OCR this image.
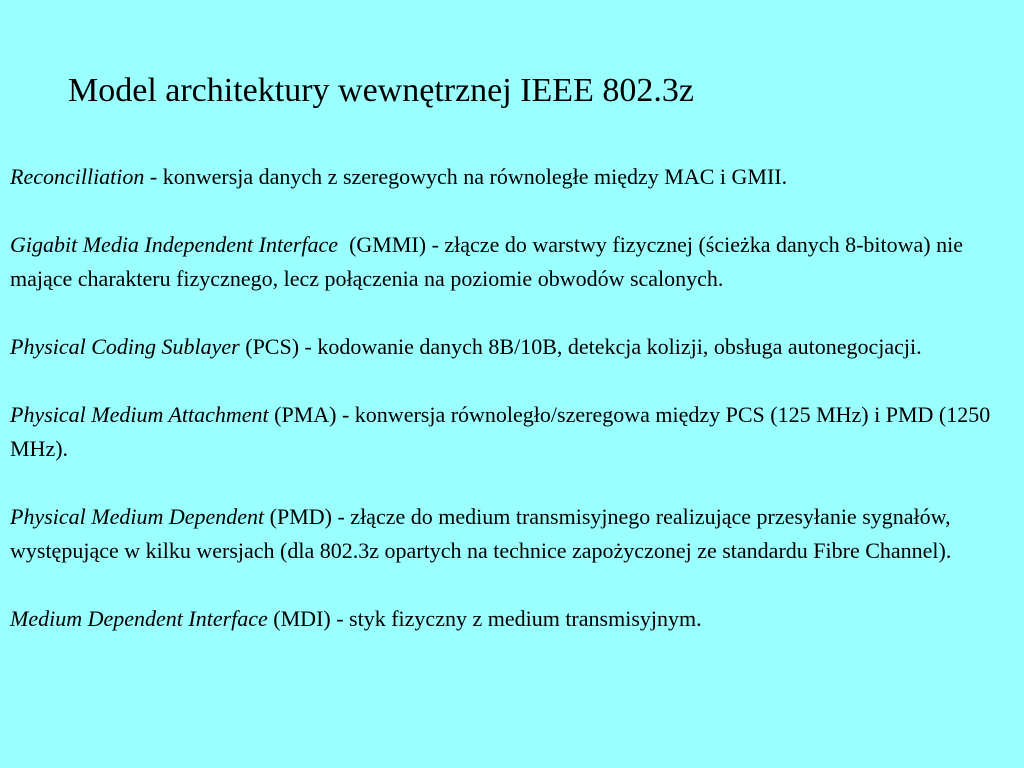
Model architektury wewnętrznej IEEE 802.3z

Reconcilliation - konwersja danych z szeregowych na równoległe między MAC i GMII.

Gigabit Media Independent Interface  (GMMI) - złącze do warstwy fizycznej (ścieżka danych 8-bitowa) nie mające charakteru fizycznego, lecz połączenia na poziomie obwodów scalonych.

Physical Coding Sublayer (PCS) - kodowanie danych 8B/10B, detekcja kolizji, obsługa autonegocjacji.

Physical Medium Attachment (PMA) - konwersja równoległo/szeregowa między PCS (125 MHz) i PMD (1250 MHz).

Physical Medium Dependent (PMD) - złącze do medium transmisyjnego realizujące przesyłanie sygnałów, występujące w kilku wersjach (dla 802.3z opartych na technice zapożyczonej ze standardu Fibre Channel).

Medium Dependent Interface (MDI) - styk fizyczny z medium transmisyjnym.
